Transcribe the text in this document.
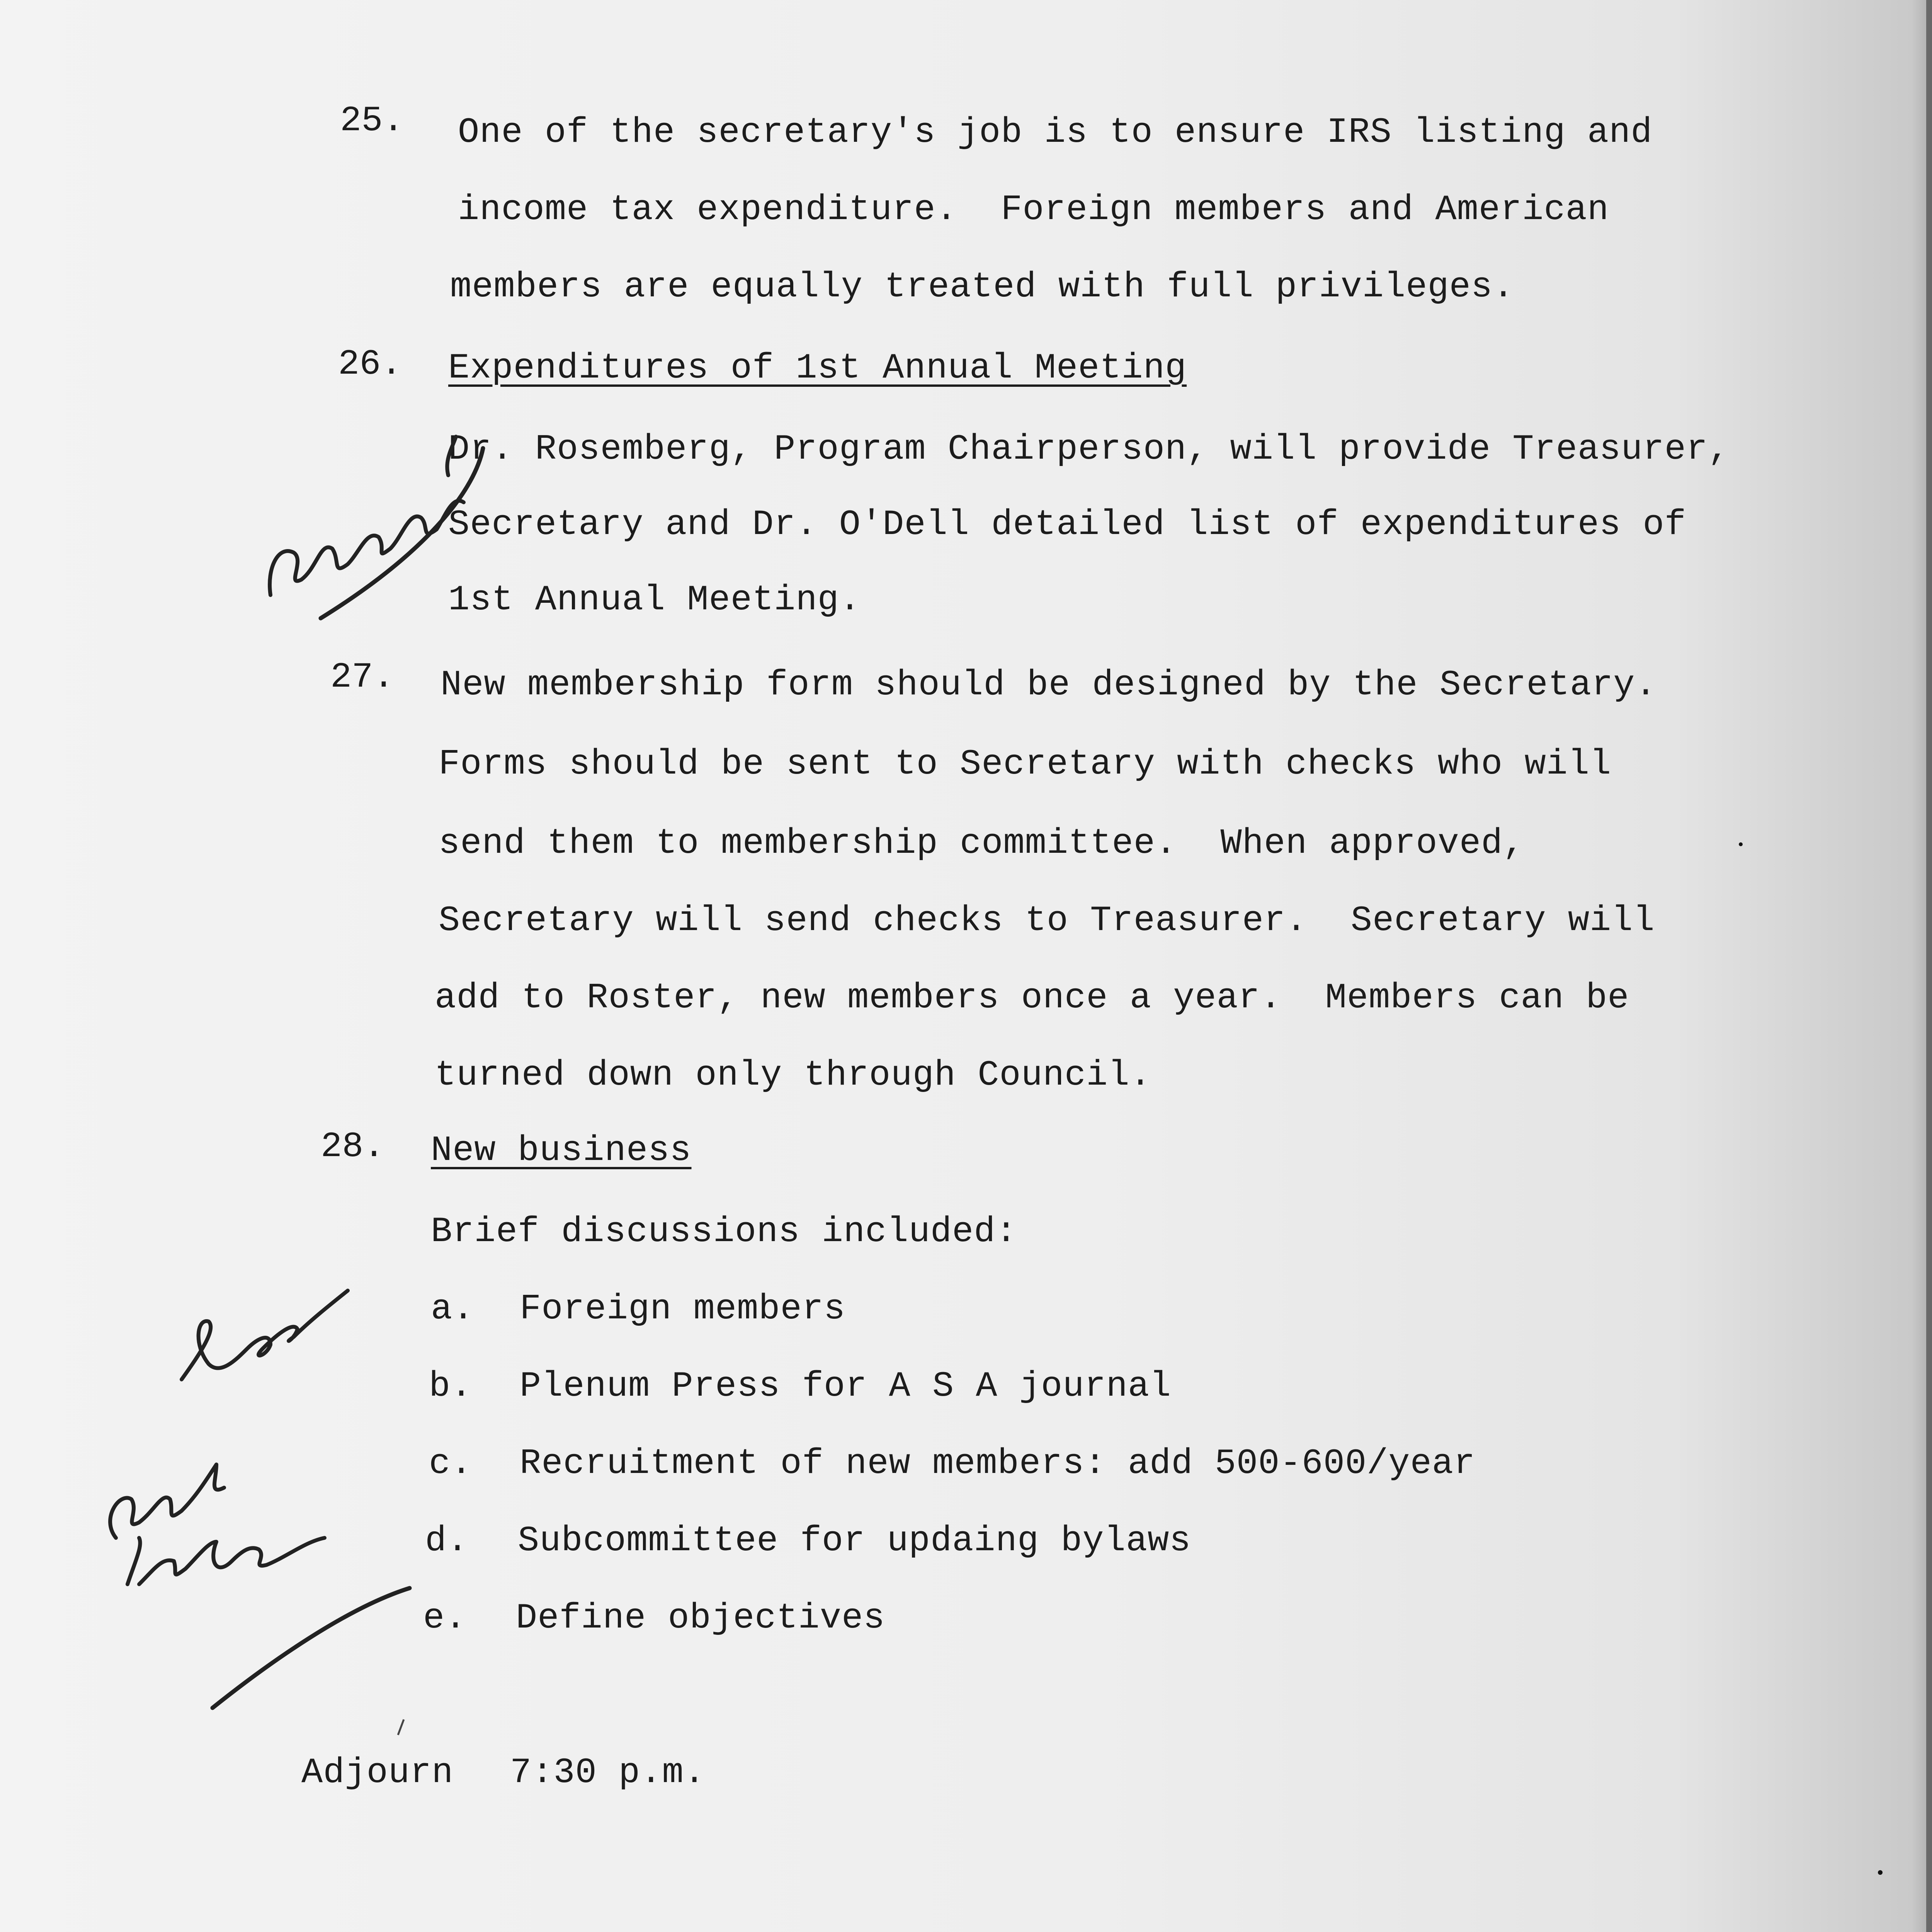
25. One of the secretary's job is to ensure IRS listing and
income tax expenditure.  Foreign members and American
members are equally treated with full privileges.
26. Expenditures of 1st Annual Meeting
Dr. Rosemberg, Program Chairperson, will provide Treasurer,
Secretary and Dr. O'Dell detailed list of expenditures of
1st Annual Meeting.
27. New membership form should be designed by the Secretary.
Forms should be sent to Secretary with checks who will
send them to membership committee.  When approved,
Secretary will send checks to Treasurer.  Secretary will
add to Roster, new members once a year.  Members can be
turned down only through Council.
28. New business
Brief discussions included:
a. Foreign members
b. Plenum Press for A S A journal
c. Recruitment of new members: add 500-600/year
d. Subcommittee for updaing bylaws
e. Define objectives
Adjourn 7:30 p.m.
